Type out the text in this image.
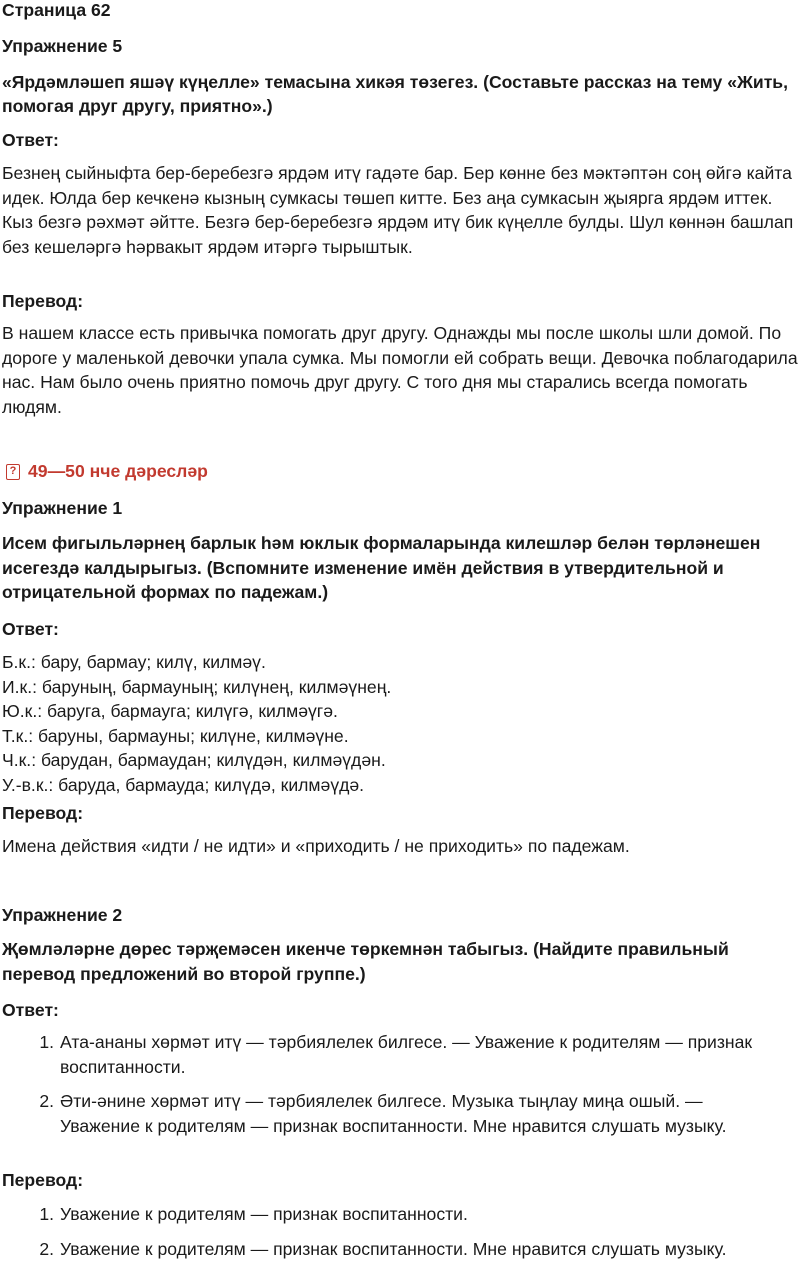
Страница 62
Упражнение 5
«Ярдәмләшеп яшәү күңелле» темасына хикәя төзегез. (Составьте рассказ на тему «Жить, помогая друг другу, приятно».)
Ответ:

Безнең сыйныфта бер-беребезгә ярдәм итү гадәте бар. Бер көнне без мәктәптән соң өйгә кайта идек. Юлда бер кечкенә кызның сумкасы төшеп китте. Без аңа сумкасын җыярга ярдәм иттек. Кыз безгә рәхмәт әйтте. Безгә бер-беребезгә ярдәм итү бик күңелле булды. Шул көннән башлап без кешеләргә һәрвакыт ярдәм итәргә тырыштык.

Перевод:

В нашем классе есть привычка помогать друг другу. Однажды мы после школы шли домой. По дороге у маленькой девочки упала сумка. Мы помогли ей собрать вещи. Девочка поблагодарила нас. Нам было очень приятно помочь друг другу. С того дня мы старались всегда помогать людям.

? 49—50 нче дәресләр
Упражнение 1
Исем фигыльләрнең барлык һәм юклык формаларында килешләр белән төрләнешен исегездә калдырыгыз. (Вспомните изменение имён действия в утвердительной и отрицательной формах по падежам.)
Ответ:

Б.к.: бару, бармау; килү, килмәү.

И.к.: баруның, бармауның; килүнең, килмәүнең.

Ю.к.: баруга, бармауга; килүгә, килмәүгә.

Т.к.: баруны, бармауны; килүне, килмәүне.

Ч.к.: барудан, бармаудан; килүдән, килмәүдән.

У.-в.к.: баруда, бармауда; килүдә, килмәүдә.

Перевод:

Имена действия «идти / не идти» и «приходить / не приходить» по падежам.

Упражнение 2
Җөмләләрне дөрес тәрҗемәсен икенче төркемнән табыгыз. (Найдите правильный перевод предложений во второй группе.)
Ответ:
1. Ата-ананы хөрмәт итү — тәрбиялелек билгесе. — Уважение к родителям — признак воспитанности.
2. Әти-әнине хөрмәт итү — тәрбиялелек билгесе. Музыка тыңлау миңа ошый. — Уважение к родителям — признак воспитанности. Мне нравится слушать музыку.
Перевод:
1. Уважение к родителям — признак воспитанности.
2. Уважение к родителям — признак воспитанности. Мне нравится слушать музыку.
